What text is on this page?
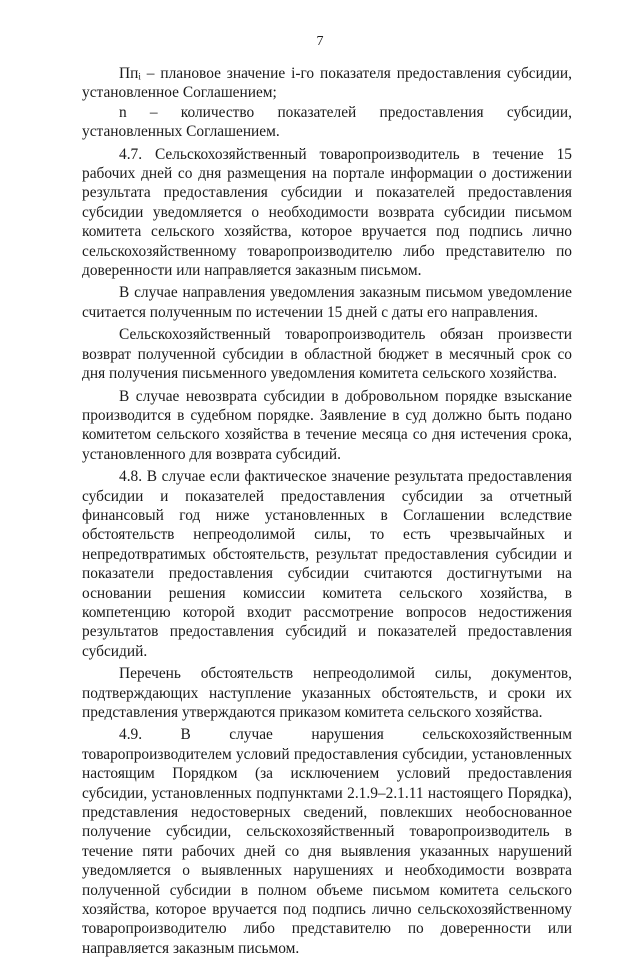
7

Ппᵢ – плановое значение i-го показателя предоставления субсидии, установленное Соглашением;

n – количество показателей предоставления субсидии, установленных Соглашением.

4.7. Сельскохозяйственный товаропроизводитель в течение 15 рабочих дней со дня размещения на портале информации о достижении результата предоставления субсидии и показателей предоставления субсидии уведомляется о необходимости возврата субсидии письмом комитета сельского хозяйства, которое вручается под подпись лично сельскохозяйственному товаропроизводителю либо представителю по доверенности или направляется заказным письмом.

В случае направления уведомления заказным письмом уведомление считается полученным по истечении 15 дней с даты его направления.

Сельскохозяйственный товаропроизводитель обязан произвести возврат полученной субсидии в областной бюджет в месячный срок со дня получения письменного уведомления комитета сельского хозяйства.

В случае невозврата субсидии в добровольном порядке взыскание производится в судебном порядке. Заявление в суд должно быть подано комитетом сельского хозяйства в течение месяца со дня истечения срока, установленного для возврата субсидий.

4.8. В случае если фактическое значение результата предоставления субсидии и показателей предоставления субсидии за отчетный финансовый год ниже установленных в Соглашении вследствие обстоятельств непреодолимой силы, то есть чрезвычайных и непредотвратимых обстоятельств, результат предоставления субсидии и показатели предоставления субсидии считаются достигнутыми на основании решения комиссии комитета сельского хозяйства, в компетенцию которой входит рассмотрение вопросов недостижения результатов предоставления субсидий и показателей предоставления субсидий.

Перечень обстоятельств непреодолимой силы, документов, подтверждающих наступление указанных обстоятельств, и сроки их представления утверждаются приказом комитета сельского хозяйства.

4.9. В случае нарушения сельскохозяйственным товаропроизводителем условий предоставления субсидии, установленных настоящим Порядком (за исключением условий предоставления субсидии, установленных подпунктами 2.1.9–2.1.11 настоящего Порядка), представления недостоверных сведений, повлекших необоснованное получение субсидии, сельскохозяйственный товаропроизводитель в течение пяти рабочих дней со дня выявления указанных нарушений уведомляется о выявленных нарушениях и необходимости возврата полученной субсидии в полном объеме письмом комитета сельского хозяйства, которое вручается под подпись лично сельскохозяйственному товаропроизводителю либо представителю по доверенности или направляется заказным письмом.
